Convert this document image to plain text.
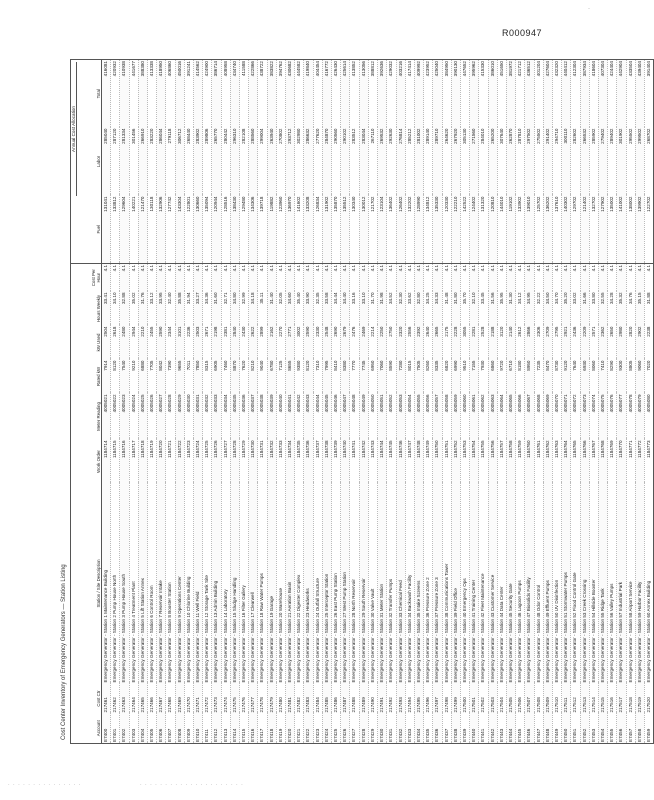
·
R000947
Cost Center Inventory of Emergency Generators — Station Listing
Annual Cost Allocation
Account	Cost Ctr	Station / Site Description	Work Order	Meter Reading	Rated kW	kW Used	Hours Weekly	Cost Per Hour	Fuel	Labor	Total
E7400	217461	Emergency Generator - Station 1 Maintenance Building	1184714	4005021	7914	2504	33.41	4.1	131041	285040	416081
E7401	217462	Emergency Generator - Station 2 Pump House North	1184715	4005022	8120	2618	34.10	4.1	133812	287120	420932
E7402	217463	Emergency Generator - Station 3 Pump House South	1184716	4005023	7540	2480	32.88	4.1	129604	281334	410938
E7403	217464	Emergency Generator - Station 4 Treatment Plant	1184717	4005024	9210	2944	35.02	4.1	140221	301456	441677
E7404	217465	Emergency Generator - Station 5 Lift Station Annex	1184718	4005025	6880	2210	31.76	4.1	121470	266910	388380
E7405	217466	Emergency Generator - Station 6 Control Room	1184719	4005026	7705	2455	33.12	4.1	130118	283220	413338
E7406	217467	Emergency Generator - Station 7 Reservoir Intake	1184720	4005027	8042	2590	33.95	4.1	132906	286044	418950
E7407	217468	Emergency Generator - Station 8 Booster Station	1184721	4005028	7390	2344	32.40	4.1	127742	279118	406860
E7408	217469	Emergency Generator - Station 9 Operations Center	1184722	4005029	9655	3101	35.88	4.1	143304	306712	450016
E7409	217470	Emergency Generator - Station 10 Chlorine Building	1184723	4005030	7011	2236	31.94	4.1	122801	268440	391241
E7410	217471	Emergency Generator - Station 11 Well Field	1184724	4005031	7850	2503	33.27	4.1	130660	283902	414562
E7411	217472	Emergency Generator - Station 12 Storage Tank Site	1184725	4005032	8315	2671	34.36	4.1	135094	289806	424900
E7412	217473	Emergency Generator - Station 13 Admin Building	1184726	4005033	6905	2198	31.60	4.1	120944	265770	386714
E7413	217474	Emergency Generator - Station 14 Laboratory	1184727	4005034	7460	2381	32.71	4.1	128516	280442	408958
E7414	217475	Emergency Generator - Station 15 Sludge Handling	1184728	4005035	8870	2840	34.80	4.1	138430	296310	434740
E7415	217476	Emergency Generator - Station 16 Filter Gallery	1184729	4005036	7620	2430	32.99	4.1	129480	282108	411588
E7416	217477	Emergency Generator - Station 17 Clearwell	1184730	4005037	8210	2622	34.18	4.1	134306	288560	422866
E7417	217478	Emergency Generator - Station 18 Raw Water Pumps	1184731	4005038	9040	2899	35.11	4.1	139718	299004	438722
E7418	217479	Emergency Generator - Station 19 Garage	1184732	4005039	6780	2162	31.40	4.1	119882	263940	383822
E7419	217480	Emergency Generator - Station 20 Warehouse	1184733	4005040	7125	2270	32.05	4.1	123960	270802	394762
E7420	217481	Emergency Generator - Station 21 Aeration Basin	1184734	4005041	8655	2771	34.60	4.1	136970	293712	430682
E7421	217482	Emergency Generator - Station 22 Digester Complex	1184735	4005042	9380	3002	35.40	4.1	141602	302980	444582
E7422	217483	Emergency Generator - Station 23 Headworks	1184736	4005043	8120	2590	33.90	4.1	133208	286632	419840
E7423	217484	Emergency Generator - Station 24 Outfall Structure	1184737	4005044	7310	2330	32.35	4.1	126834	277620	404454
E7424	217485	Emergency Generator - Station 25 Interceptor Station	1184738	4005045	7995	2548	33.58	4.1	131902	284870	416772
E7425	217486	Emergency Generator - Station 26 East Pump Station	1184739	4005046	8410	2690	34.44	4.1	135870	290560	426430
E7426	217487	Emergency Generator - Station 27 West Pump Station	1184740	4005047	8380	2679	34.40	4.1	135512	290102	425614
E7427	217488	Emergency Generator - Station 28 North Reservoir	1184741	4005048	7770	2476	33.16	4.1	130340	283512	413852
E7428	217489	Emergency Generator - Station 29 South Reservoir	1184742	4005049	7745	2469	33.10	4.1	130012	283044	413056
E7429	217490	Emergency Generator - Station 30 Valve Vault	1184743	4005050	6950	2214	31.70	4.1	121702	267110	388812
E7430	217491	Emergency Generator - Station 31 Meter Station	1184744	4005051	7060	2250	31.98	4.1	123104	269532	392636
E7431	217492	Emergency Generator - Station 32 Transfer Pumps	1184745	4005052	8590	2750	34.52	4.1	136402	292630	429032
E7432	217493	Emergency Generator - Station 33 Chemical Feed	1184746	4005053	7280	2320	32.30	4.1	126402	276814	403216
E7433	217494	Emergency Generator - Station 34 Backwash Facility	1184747	4005054	8015	2556	33.62	4.1	132202	285212	417414
E7434	217495	Emergency Generator - Station 35 Intake Screens	1184748	4005055	7505	2392	32.80	4.1	128990	281002	409992
E7435	217496	Emergency Generator - Station 36 Pressure Zone 2	1184749	4005056	8260	2640	34.25	4.1	134812	289140	423952
E7436	217497	Emergency Generator - Station 37 Pressure Zone 3	1184750	4005057	8335	2665	34.33	4.1	135330	289710	425040
E7437	217498	Emergency Generator - Station 38 Communications Tower	1184751	4005058	6820	2175	31.48	4.1	120330	264620	384950
E7438	217499	Emergency Generator - Station 39 Field Office	1184752	4005059	6990	2228	31.80	4.1	122210	267920	390130
E7439	217500	Emergency Generator - Station 40 Emergency Ops	1184753	4005060	9510	3055	35.70	4.1	142522	305130	447652
E7440	217501	Emergency Generator - Station 41 Training Center	1184754	4005061	7155	2281	32.10	4.1	124402	271560	395962
E7441	217502	Emergency Generator - Station 42 Fleet Maintenance	1184755	4005062	7930	2528	33.45	4.1	131320	284010	415330
E7442	217503	Emergency Generator - Station 43 Customer Service	1184756	4005063	6860	2188	31.56	4.1	120810	265200	386010
E7443	217504	Emergency Generator - Station 44 Data Center	1184757	4005064	9720	3120	35.95	4.1	144010	307640	451650
E7444	217505	Emergency Generator - Station 45 Security Gate	1184758	4005065	6710	2140	31.30	4.1	119102	262870	381972
E7445	217506	Emergency Generator - Station 46 Lagoon Pumps	1184759	4005066	8180	2612	34.12	4.1	133902	287810	421712
E7446	217507	Emergency Generator - Station 47 Biosolids Facility	1184760	4005067	8950	2866	34.95	4.1	139010	297502	436512
E7447	217508	Emergency Generator - Station 48 Odor Control	1184761	4005068	7235	2306	32.22	4.1	125702	275502	401204
E7448	217509	Emergency Generator - Station 49 Effluent Pumps	1184762	4005069	8470	2709	34.50	4.1	136202	291402	427604
E7449	217510	Emergency Generator - Station 50 UV Disinfection	1184763	4005070	8730	2795	34.70	4.1	137610	294710	432320
E7450	217511	Emergency Generator - Station 51 Stormwater Pumps	1184764	4005071	9120	2921	35.20	4.1	140302	300110	440412
E7451	217512	Emergency Generator - Station 52 Flood Control Gate	1184765	4005072	7640	2436	33.02	4.1	129702	282602	412304
E7452	217513	Emergency Generator - Station 53 Creek Crossing	1184766	4005073	6930	2209	31.66	4.1	121402	266532	387934
E7453	217514	Emergency Generator - Station 54 Hillside Booster	1184767	4005074	8060	2571	33.80	4.1	132702	285902	418604
E7454	217515	Emergency Generator - Station 55 Ridge Tank	1184768	4005075	7410	2362	32.55	4.1	127902	279402	407304
E7455	217516	Emergency Generator - Station 56 Valley Pumps	1184769	4005076	8290	2650	34.28	4.1	135002	289402	424404
E7456	217517	Emergency Generator - Station 57 Industrial Park	1184770	4005077	9300	2980	35.32	4.1	141002	301902	442904
E7457	217518	Emergency Generator - Station 58 Airport Service	1184771	4005078	8805	2820	34.76	4.1	138002	295502	433504
E7458	217519	Emergency Generator - Station 59 Harbor Facility	1184772	4005079	9060	2902	35.15	4.1	139902	299502	439404
E7459	217520	Emergency Generator - Station 60 Annex Building	1184773	4005080	7020	2238	31.88	4.1	122702	268702	391404
· · · · · · · · · · · · · · ·	· · · · · · · · · · · · · · · · · · · · ·
